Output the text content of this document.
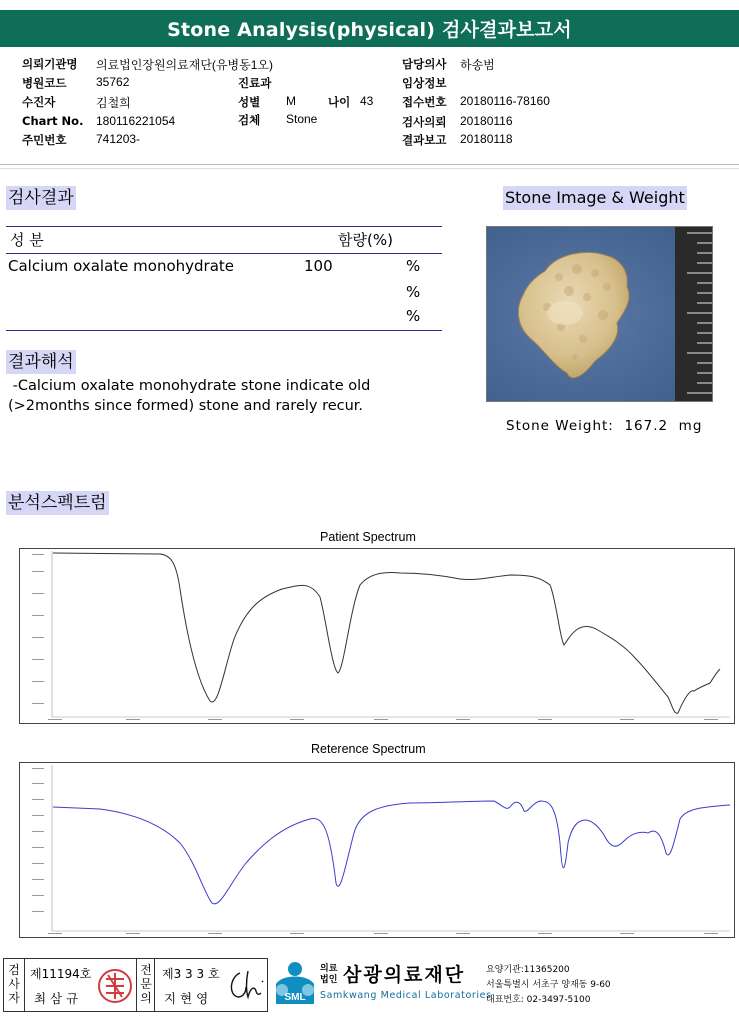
Stone Analysis(physical) 검사결과보고서
의뢰기관명 의료법인장원의료재단(유병동1오)	담당의사 하송범
병원코드 35762	진료과	임상정보
수진자	김철희	성별 M	나이 43 접수번호 20180116-78160
Chart No. 180116221054	검체 Stone	검사의뢰 20180116
주민번호 741203-	결과보고 20180118
검사결과
성 분	함량(%)
Calcium oxalate monohydrate	100	%
%
%
결과해석
-Calcium oxalate monohydrate stone indicate old
(>2months since formed) stone and rarely recur.
Stone Image & Weight
Stone Weight:  167.2  mg
분석스펙트럼
Patient Spectrum
Reterence Spectrum
검사자
제11194호
최 삼 규
전문의
제3 3 3 호
지 현 영	SML
의료
법인 삼광의료재단
Samkwang Medical Laboratories
요양기관:11365200
서울특별시 서초구 양재동 9-60
대표번호: 02-3497-5100
